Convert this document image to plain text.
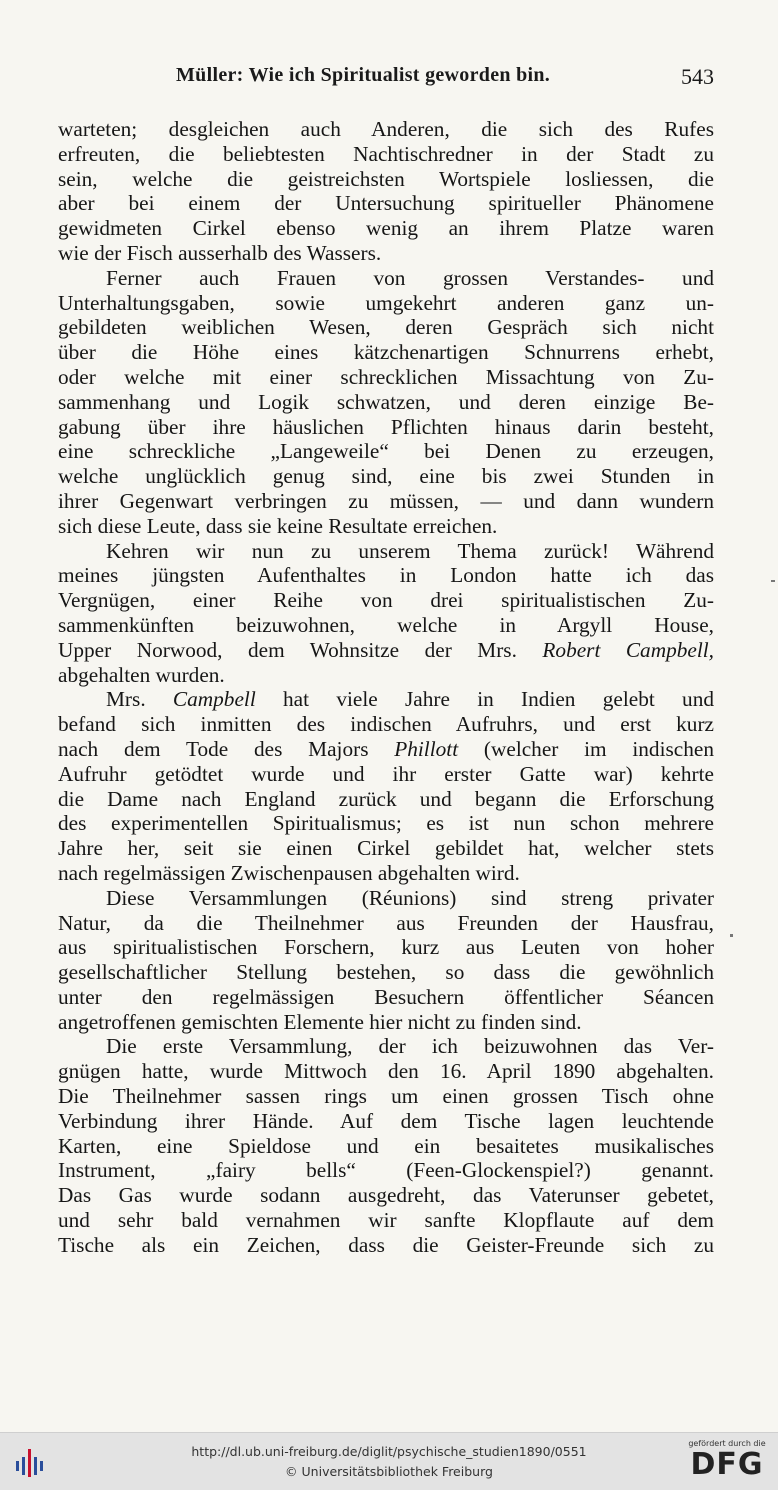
Müller: Wie ich Spiritualist geworden bin.	543
warteten; desgleichen auch Anderen, die sich des Rufes
erfreuten, die beliebtesten Nachtischredner in der Stadt zu
sein, welche die geistreichsten Wortspiele losliessen, die
aber bei einem der Untersuchung spiritueller Phänomene
gewidmeten Cirkel ebenso wenig an ihrem Platze waren
wie der Fisch ausserhalb des Wassers.
Ferner auch Frauen von grossen Verstandes- und
Unterhaltungsgaben, sowie umgekehrt anderen ganz un-
gebildeten weiblichen Wesen, deren Gespräch sich nicht
über die Höhe eines kätzchenartigen Schnurrens erhebt,
oder welche mit einer schrecklichen Missachtung von Zu-
sammenhang und Logik schwatzen, und deren einzige Be-
gabung über ihre häuslichen Pflichten hinaus darin besteht,
eine schreckliche „Langeweile“ bei Denen zu erzeugen,
welche unglücklich genug sind, eine bis zwei Stunden in
ihrer Gegenwart verbringen zu müssen, — und dann wundern
sich diese Leute, dass sie keine Resultate erreichen.
Kehren wir nun zu unserem Thema zurück! Während
meines jüngsten Aufenthaltes in London hatte ich das
Vergnügen, einer Reihe von drei spiritualistischen Zu-
sammenkünften beizuwohnen, welche in Argyll House,
Upper Norwood, dem Wohnsitze der Mrs. Robert Campbell,
abgehalten wurden.
Mrs. Campbell hat viele Jahre in Indien gelebt und
befand sich inmitten des indischen Aufruhrs, und erst kurz
nach dem Tode des Majors Phillott (welcher im indischen
Aufruhr getödtet wurde und ihr erster Gatte war) kehrte
die Dame nach England zurück und begann die Erforschung
des experimentellen Spiritualismus; es ist nun schon mehrere
Jahre her, seit sie einen Cirkel gebildet hat, welcher stets
nach regelmässigen Zwischenpausen abgehalten wird.
Diese Versammlungen (Réunions) sind streng privater
Natur, da die Theilnehmer aus Freunden der Hausfrau,
aus spiritualistischen Forschern, kurz aus Leuten von hoher
gesellschaftlicher Stellung bestehen, so dass die gewöhnlich
unter den regelmässigen Besuchern öffentlicher Séancen
angetroffenen gemischten Elemente hier nicht zu finden sind.
Die erste Versammlung, der ich beizuwohnen das Ver-
gnügen hatte, wurde Mittwoch den 16. April 1890 abgehalten.
Die Theilnehmer sassen rings um einen grossen Tisch ohne
Verbindung ihrer Hände. Auf dem Tische lagen leuchtende
Karten, eine Spieldose und ein besaitetes musikalisches
Instrument, „fairy bells“ (Feen-Glockenspiel?) genannt.
Das Gas wurde sodann ausgedreht, das Vaterunser gebetet,
und sehr bald vernahmen wir sanfte Klopflaute auf dem
Tische als ein Zeichen, dass die Geister-Freunde sich zu
http://dl.ub.uni-freiburg.de/diglit/psychische_studien1890/0551
© Universitätsbibliothek Freiburg
gefördert durch die
DFG
